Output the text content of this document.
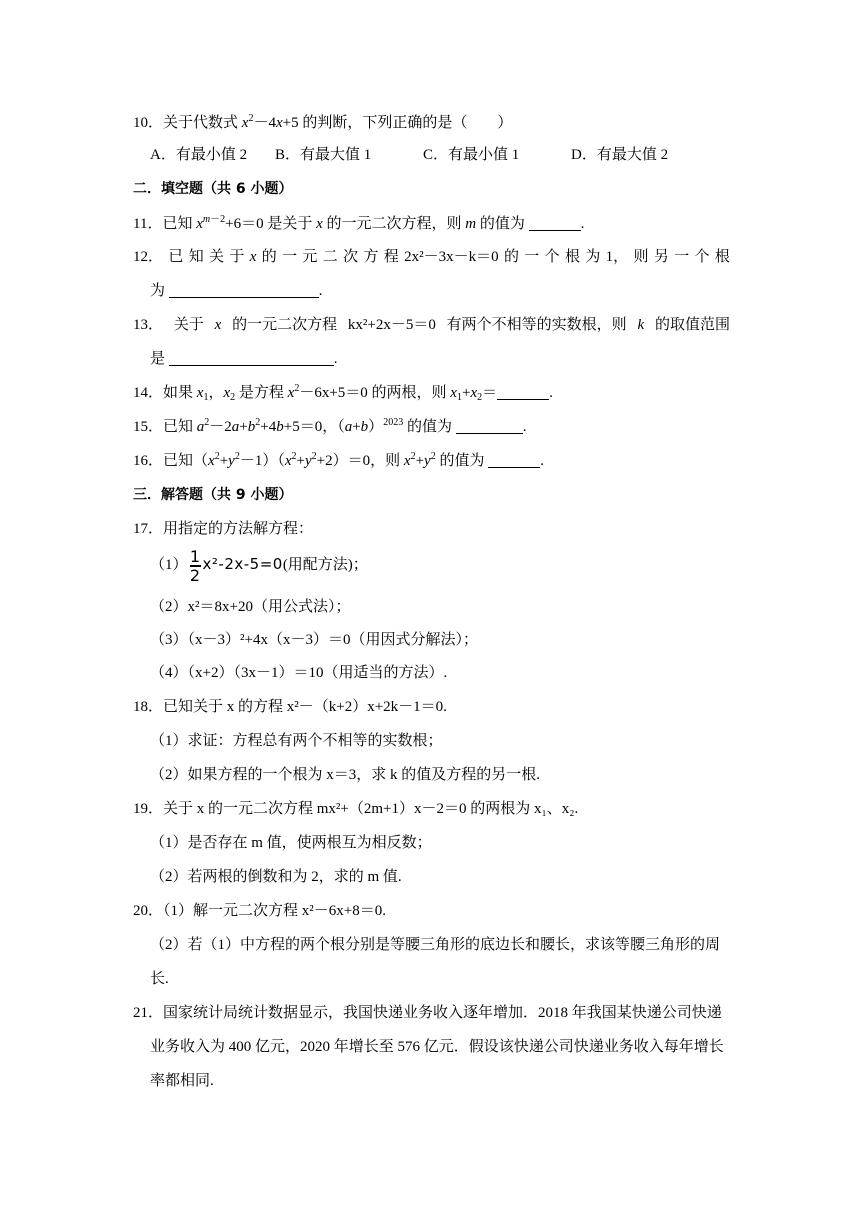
10．关于代数式 $x^2-4x+5$ 的判断，下列正确的是（　　）
A．有最小值 2 B．有最大值 1	C．有最小值 1	D．有最大值 2
二．填空题（共 6 小题）
11．已知 $x^{m-2}+6=0$ 是关于 x 的一元二次方程，则 m 的值为	.
12． 已 知 关 于 x 的 一 元 二 次 方 程 2x²－3x－k＝0 的 一 个 根 为 1， 则 另 一 个 根
为	.
13． 关于 x 的一元二次方程 kx²+2x－5＝0 有两个不相等的实数根，则 k 的取值范围
是	.
14．如果 $x_1$，$x_2$ 是方程 $x^2-6x+5=0$ 的两根，则 $x_1+x_2=$	.
15．已知 $a^2-2a+b^2+4b+5=0$，$(a+b)^{2023}$ 的值为	.
16．已知$(x^2+y^2-1)(x^2+y^2+2)=0$，则 $x^2+y^2$ 的值为	.
三．解答题（共 9 小题）
17．用指定的方法解方程：
$(1) \frac{1}{2} x^2-2x-5=0$(用配方法)；
（2）x²＝8x+20（用公式法）；
（3）（x－3）²+4x（x－3）＝0（用因式分解法）；
（4）（x+2）（3x－1）＝10（用适当的方法）.
18．已知关于 x 的方程 x²－（k+2）x+2k－1＝0.
（1）求证：方程总有两个不相等的实数根；
（2）如果方程的一个根为 x＝3，求 k 的值及方程的另一根.
19．关于 x 的一元二次方程 mx²+（2m+1）x－2＝0 的两根为 x₁、x₂.
（1）是否存在 m 值，使两根互为相反数；
（2）若两根的倒数和为 2，求的 m 值.
20．（1）解一元二次方程 x²－6x+8＝0.
（2）若（1）中方程的两个根分别是等腰三角形的底边长和腰长，求该等腰三角形的周
长.
21．国家统计局统计数据显示，我国快递业务收入逐年增加．2018 年我国某快递公司快递
业务收入为 400 亿元，2020 年增长至 576 亿元．假设该快递公司快递业务收入每年增长
率都相同.
